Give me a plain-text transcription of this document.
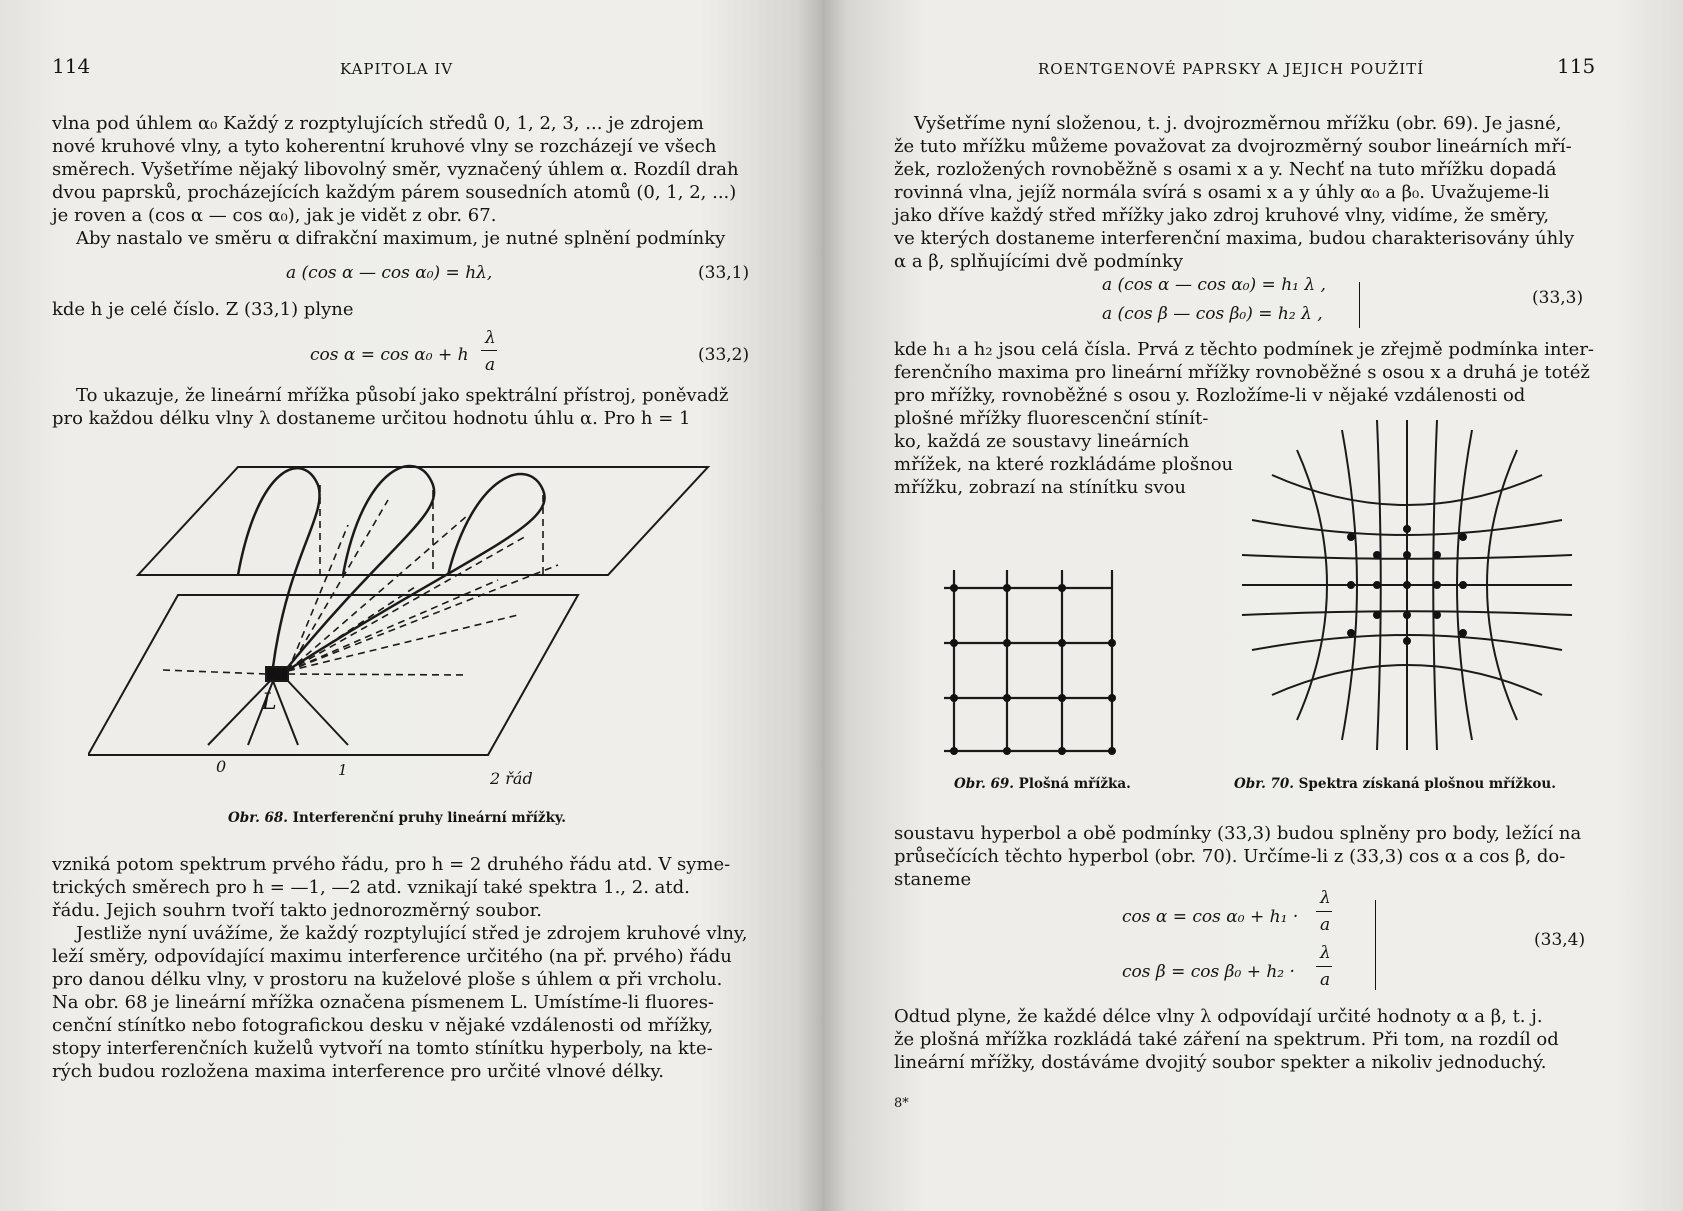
114	KAPITOLA IV
vlna pod úhlem α₀ Každý z rozptylujících středů 0, 1, 2, 3, ... je zdrojem
nové kruhové vlny, a tyto koherentní kruhové vlny se rozcházejí ve všech
směrech. Vyšetříme nějaký libovolný směr, vyznačený úhlem α. Rozdíl drah
dvou paprsků, procházejících každým párem sousedních atomů (0, 1, 2, ...)
je roven a (cos α — cos α₀), jak je vidět z obr. 67.
Aby nastalo ve směru α difrakční maximum, je nutné splnění podmínky
a (cos α — cos α₀) = hλ,	(33,1)
kde h je celé číslo. Z (33,1) plyne
cos α = cos α₀ + h
λ
a	(33,2)
To ukazuje, že lineární mřížka působí jako spektrální přístroj, poněvadž
pro každou délku vlny λ dostaneme určitou hodnotu úhlu α. Pro h = 1
L
0	1	2 řád
Obr. 68. Interferenční pruhy lineární mřížky.
vzniká potom spektrum prvého řádu, pro h = 2 druhého řádu atd. V syme-
trických směrech pro h = —1, —2 atd. vznikají také spektra 1., 2. atd.
řádu. Jejich souhrn tvoří takto jednorozměrný soubor.
Jestliže nyní uvážíme, že každý rozptylující střed je zdrojem kruhové vlny,
leží směry, odpovídající maximu interference určitého (na př. prvého) řádu
pro danou délku vlny, v prostoru na kuželové ploše s úhlem α při vrcholu.
Na obr. 68 je lineární mřížka označena písmenem L. Umístíme-li fluores-
cenční stínítko nebo fotografickou desku v nějaké vzdálenosti od mřížky,
stopy interferenčních kuželů vytvoří na tomto stínítku hyperboly, na kte-
rých budou rozložena maxima interference pro určité vlnové délky.
ROENTGENOVÉ PAPRSKY A JEJICH POUŽITÍ	115
Vyšetříme nyní složenou, t. j. dvojrozměrnou mřížku (obr. 69). Je jasné,
že tuto mřížku můžeme považovat za dvojrozměrný soubor lineárních mří-
žek, rozložených rovnoběžně s osami x a y. Nechť na tuto mřížku dopadá
rovinná vlna, jejíž normála svírá s osami x a y úhly α₀ a β₀. Uvažujeme-li
jako dříve každý střed mřížky jako zdroj kruhové vlny, vidíme, že směry,
ve kterých dostaneme interferenční maxima, budou charakterisovány úhly
α a β, splňujícími dvě podmínky
a (cos α — cos α₀) = h₁ λ ,
a (cos β — cos β₀) = h₂ λ ,
(33,3)
kde h₁ a h₂ jsou celá čísla. Prvá z těchto podmínek je zřejmě podmínka inter-
ferenčního maxima pro lineární mřížky rovnoběžné s osou x a druhá je totéž
pro mřížky, rovnoběžné s osou y. Rozložíme-li v nějaké vzdálenosti od
plošné mřížky fluorescenční stínít-
ko, každá ze soustavy lineárních
mřížek, na které rozkládáme plošnou
mřížku, zobrazí na stínítku svou
Obr. 69. Plošná mřížka.	Obr. 70. Spektra získaná plošnou mřížkou.
soustavu hyperbol a obě podmínky (33,3) budou splněny pro body, ležící na
průsečících těchto hyperbol (obr. 70). Určíme-li z (33,3) cos α a cos β, do-
staneme
cos α = cos α₀ + h₁ ·
λ
a
cos β = cos β₀ + h₂ ·
λ
a
(33,4)
Odtud plyne, že každé délce vlny λ odpovídají určité hodnoty α a β, t. j.
že plošná mřížka rozkládá také záření na spektrum. Při tom, na rozdíl od
lineární mřížky, dostáváme dvojitý soubor spekter a nikoliv jednoduchý.
8*
